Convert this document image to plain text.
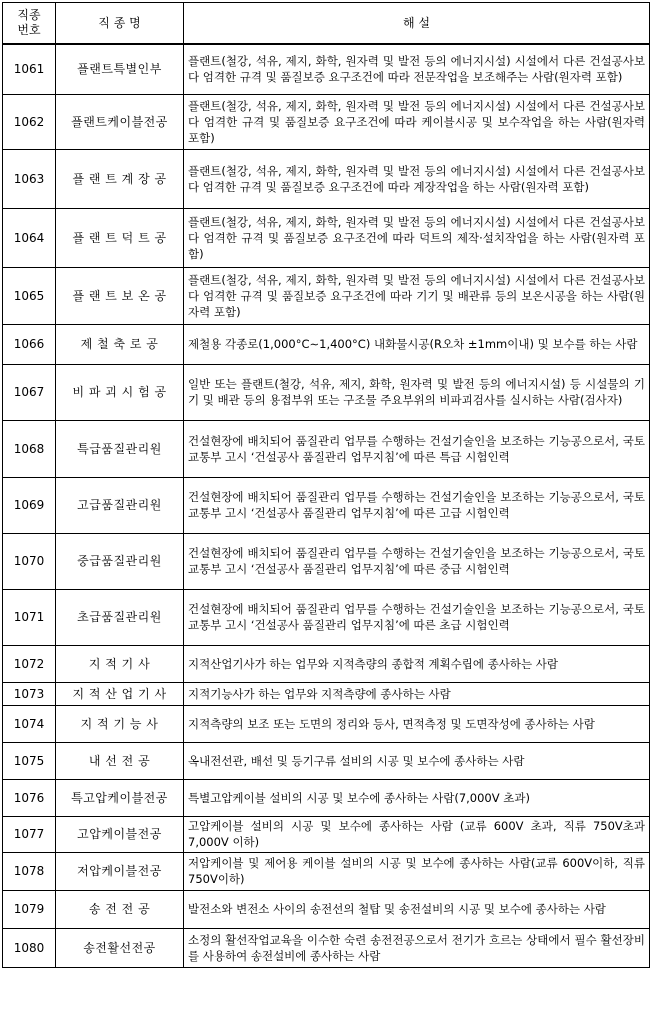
직종
번호	직 종 명	해 설
1061	플랜트특별인부	플랜트(철강, 석유, 제지, 화학, 원자력 및 발전 등의 에너지시설) 시설에서 다른 건설공사보다 엄격한 규격 및 품질보증 요구조건에 따라 전문작업을 보조해주는 사람(원자력 포함)
1062	플랜트케이블전공	플랜트(철강, 석유, 제지, 화학, 원자력 및 발전 등의 에너지시설) 시설에서 다른 건설공사보다 엄격한 규격 및 품질보증 요구조건에 따라 케이블시공 및 보수작업을 하는 사람(원자력 포함)
1063	플 랜 트 계 장 공	플랜트(철강, 석유, 제지, 화학, 원자력 및 발전 등의 에너지시설) 시설에서 다른 건설공사보다 엄격한 규격 및 품질보증 요구조건에 따라 계장작업을 하는 사람(원자력 포함)
1064	플 랜 트 덕 트 공	플랜트(철강, 석유, 제지, 화학, 원자력 및 발전 등의 에너지시설) 시설에서 다른 건설공사보다 엄격한 규격 및 품질보증 요구조건에 따라 덕트의 제작·설치작업을 하는 사람(원자력 포함)
1065	플 랜 트 보 온 공	플랜트(철강, 석유, 제지, 화학, 원자력 및 발전 등의 에너지시설) 시설에서 다른 건설공사보다 엄격한 규격 및 품질보증 요구조건에 따라 기기 및 배관류 등의 보온시공을 하는 사람(원자력 포함)
1066	제 철 축 로 공	제철용 각종로(1,000°C∼1,400°C) 내화물시공(R오차 ±1mm이내) 및 보수를 하는 사람
1067	비 파 괴 시 험 공	일반 또는 플랜트(철강, 석유, 제지, 화학, 원자력 및 발전 등의 에너지시설) 등 시설물의 기기 및 배관 등의 용접부위 또는 구조물 주요부위의 비파괴검사를 실시하는 사람(검사자)
1068	특급품질관리원	건설현장에 배치되어 품질관리 업무를 수행하는 건설기술인을 보조하는 기능공으로서, 국토교통부 고시 ‘건설공사 품질관리 업무지침’에 따른 특급 시험인력
1069	고급품질관리원	건설현장에 배치되어 품질관리 업무를 수행하는 건설기술인을 보조하는 기능공으로서, 국토교통부 고시 ‘건설공사 품질관리 업무지침’에 따른 고급 시험인력
1070	중급품질관리원	건설현장에 배치되어 품질관리 업무를 수행하는 건설기술인을 보조하는 기능공으로서, 국토교통부 고시 ‘건설공사 품질관리 업무지침’에 따른 중급 시험인력
1071	초급품질관리원	건설현장에 배치되어 품질관리 업무를 수행하는 건설기술인을 보조하는 기능공으로서, 국토교통부 고시 ‘건설공사 품질관리 업무지침’에 따른 초급 시험인력
1072	지 적 기 사	지적산업기사가 하는 업무와 지적측량의 종합적 계획수립에 종사하는 사람
1073	지 적 산 업 기 사	지적기능사가 하는 업무와 지적측량에 종사하는 사람
1074	지 적 기 능 사	지적측량의 보조 또는 도면의 정리와 등사, 면적측정 및 도면작성에 종사하는 사람
1075	내 선 전 공	옥내전선관, 배선 및 등기구류 설비의 시공 및 보수에 종사하는 사람
1076	특고압케이블전공	특별고압케이블 설비의 시공 및 보수에 종사하는 사람(7,000V 초과)
1077	고압케이블전공	고압케이블 설비의 시공 및 보수에 종사하는 사람 (교류 600V 초과, 직류 750V초과 7,000V 이하)
1078	저압케이블전공	저압케이블 및 제어용 케이블 설비의 시공 및 보수에 종사하는 사람(교류 600V이하, 직류 750V이하)
1079	송 전 전 공	발전소와 변전소 사이의 송전선의 철탑 및 송전설비의 시공 및 보수에 종사하는 사람
1080	송전활선전공	소정의 활선작업교육을 이수한 숙련 송전전공으로서 전기가 흐르는 상태에서 필수 활선장비를 사용하여 송전설비에 종사하는 사람
